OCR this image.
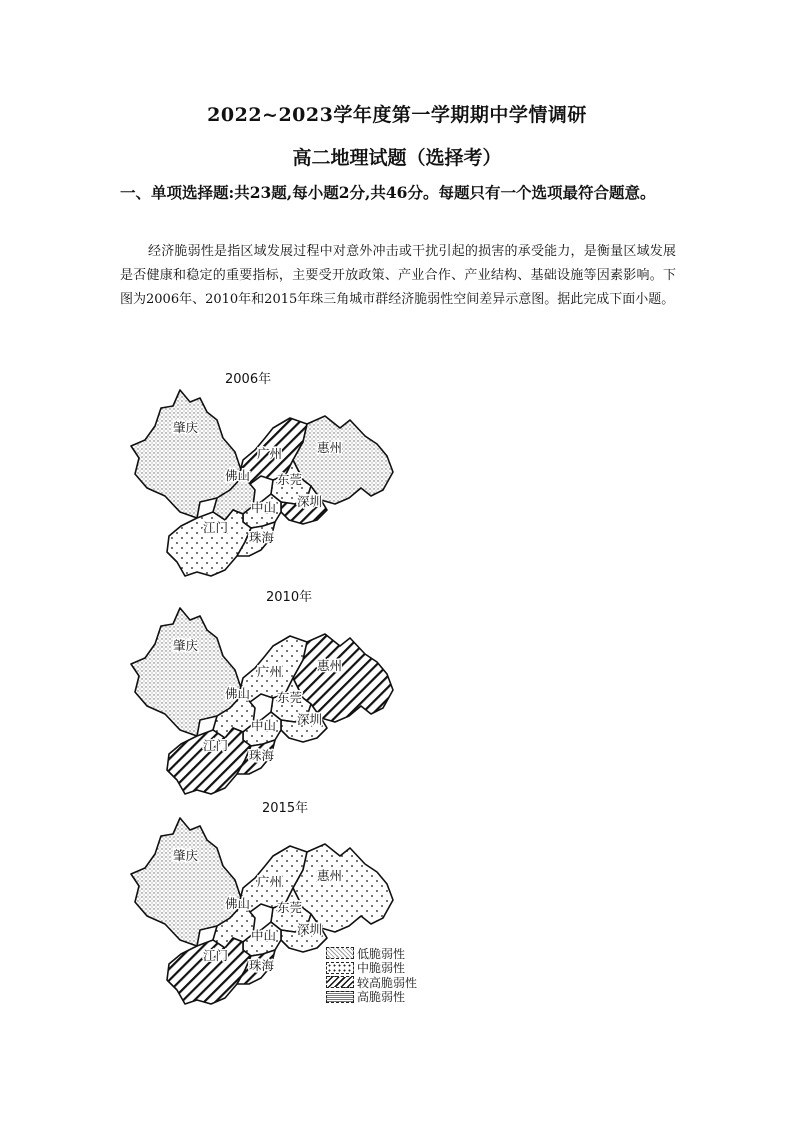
2022~2023学年度第一学期期中学情调研
高二地理试题（选择考）
一、单项选择题:共23题,每小题2分,共46分。每题只有一个选项最符合题意。
经济脆弱性是指区域发展过程中对意外冲击或干扰引起的损害的承受能力，是衡量区域发展是否健康和稳定的重要指标，主要受开放政策、产业合作、产业结构、基础设施等因素影响。下图为2006年、2010年和2015年珠三角城市群经济脆弱性空间差异示意图。据此完成下面小题。
2006年
肇庆
广州	惠州
佛山 东莞
深圳
中山
江门
珠海
2010年
肇庆
广州	惠州
佛山 东莞
深圳
中山
江门
珠海
2015年
肇庆
广州	惠州
佛山 东莞
深圳
中山
江门
珠海
低脆弱性
中脆弱性
较高脆弱性
高脆弱性
